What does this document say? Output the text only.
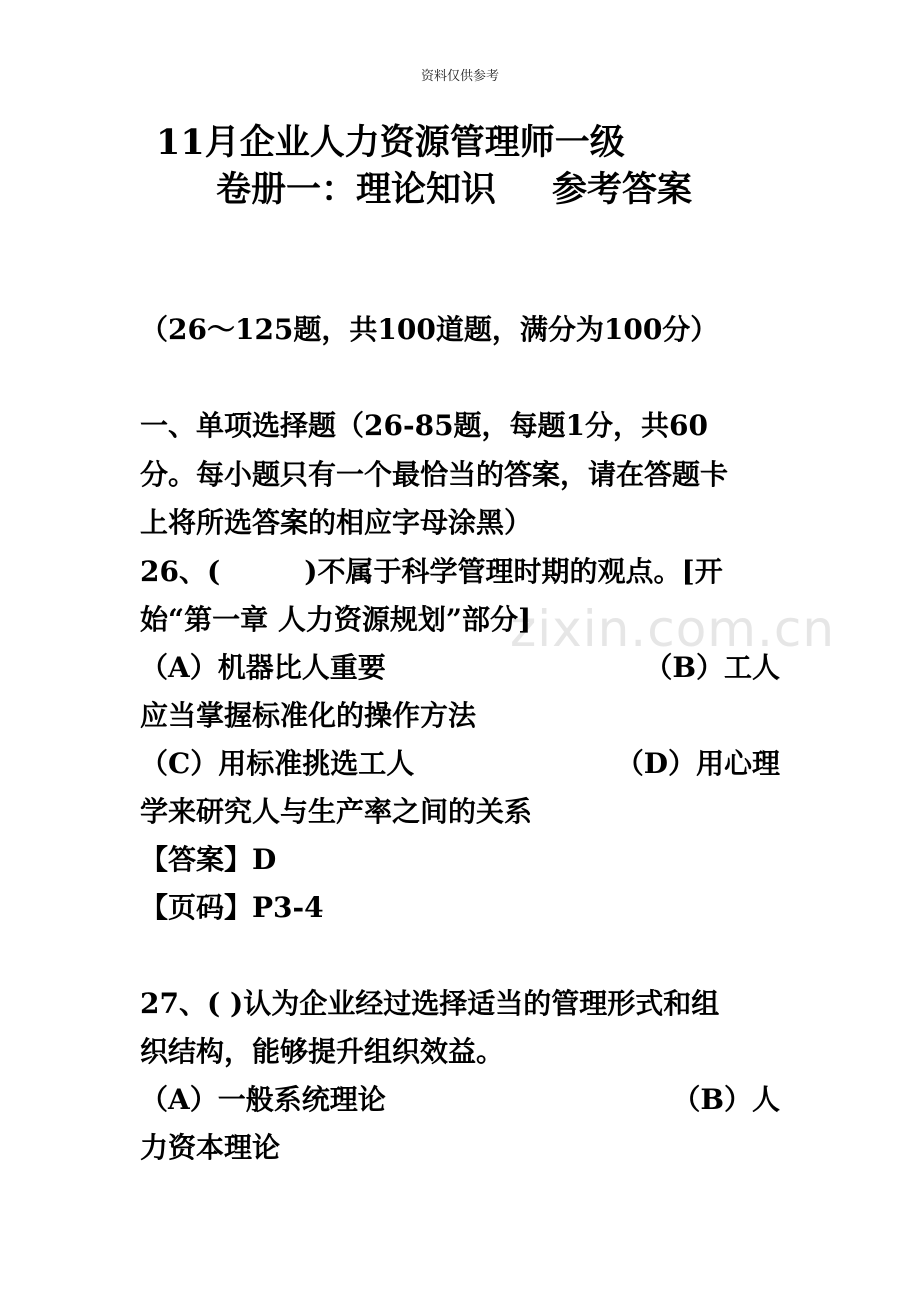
zixin.com.cn
资料仅供参考
11月企业人力资源管理师一级
卷册一：理论知识 参考答案
（26～125题，共100道题，满分为100分）
一、单项选择题（26-85题，每题1分，共60
分。每小题只有一个最恰当的答案，请在答题卡
上将所选答案的相应字母涂黑）
26、(　　　)不属于科学管理时期的观点。[开
始“第一章 人力资源规划”部分]
（A）机器比人重要	（B）工人
应当掌握标准化的操作方法
（C）用标准挑选工人	（D）用心理
学来研究人与生产率之间的关系
【答案】D
【页码】P3-4
27、( )认为企业经过选择适当的管理形式和组
织结构，能够提升组织效益。
（A）一般系统理论	（B）人
力资本理论
